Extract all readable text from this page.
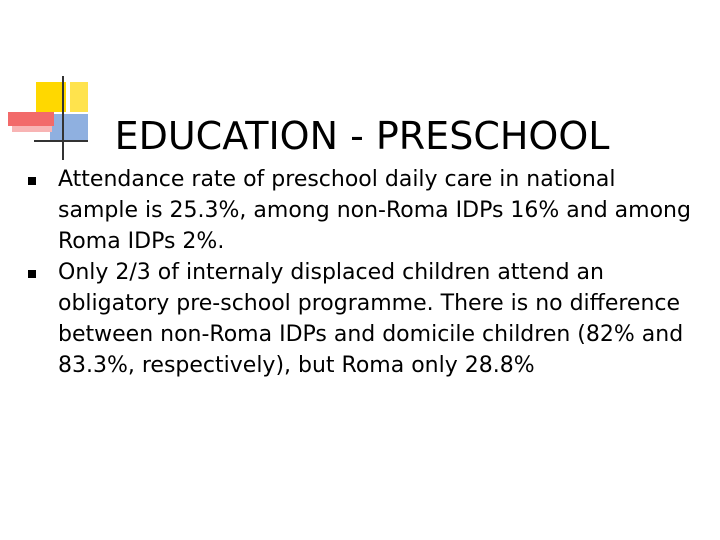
EDUCATION - PRESCHOOL
Attendance rate of preschool daily care in national sample is 25.3%, among non-Roma IDPs 16% and among Roma IDPs 2%.
Only 2/3 of internaly displaced children attend an obligatory pre-school programme. There is no difference between non-Roma IDPs and domicile children (82% and 83.3%, respectively), but Roma only 28.8%
